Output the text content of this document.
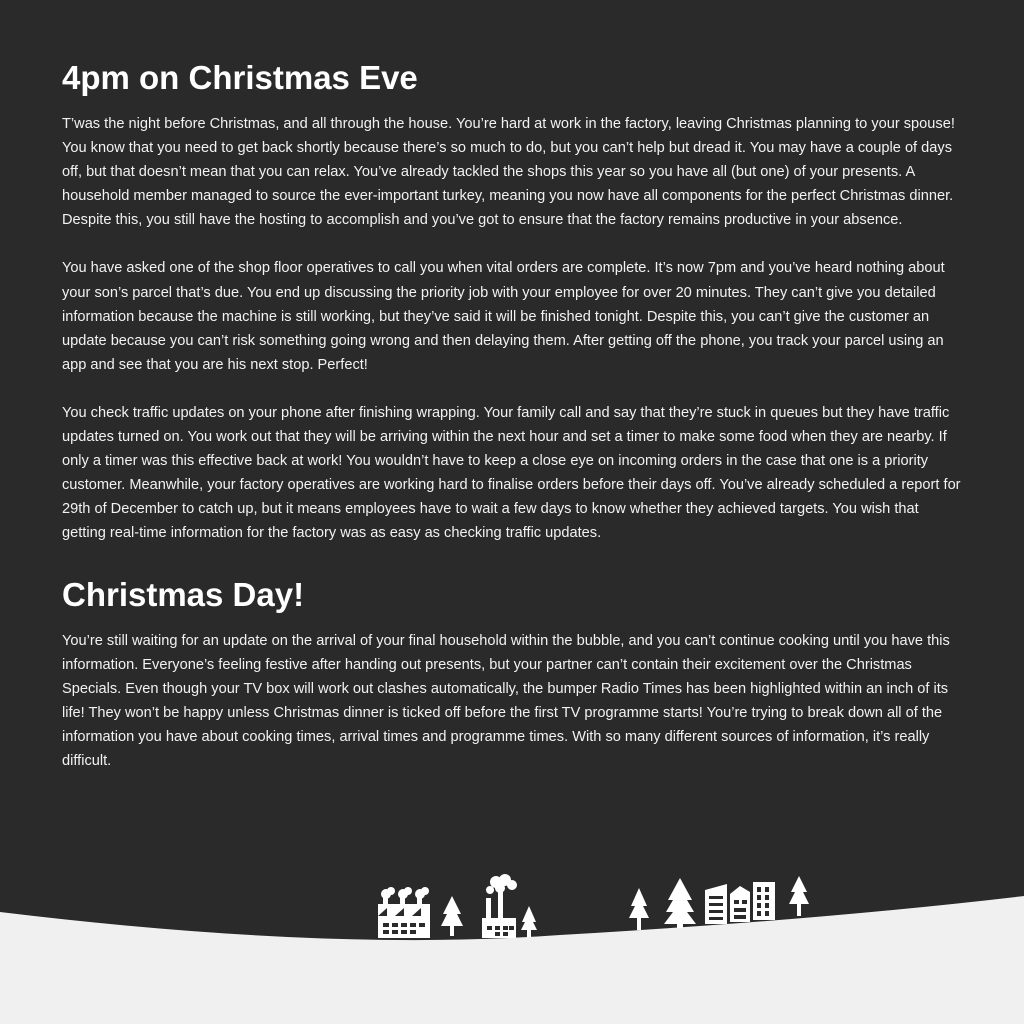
4pm on Christmas Eve

T’was the night before Christmas, and all through the house. You’re hard at work in the factory, leaving Christmas planning to your spouse! You know that you need to get back shortly because there’s so much to do, but you can’t help but dread it. You may have a couple of days off, but that doesn’t mean that you can relax. You’ve already tackled the shops this year so you have all (but one) of your presents. A household member managed to source the ever-important turkey, meaning you now have all components for the perfect Christmas dinner. Despite this, you still have the hosting to accomplish and you’ve got to ensure that the factory remains productive in your absence.

You have asked one of the shop floor operatives to call you when vital orders are complete. It’s now 7pm and you’ve heard nothing about your son’s parcel that’s due. You end up discussing the priority job with your employee for over 20 minutes. They can’t give you detailed information because the machine is still working, but they’ve said it will be finished tonight. Despite this, you can’t give the customer an update because you can’t risk something going wrong and then delaying them. After getting off the phone, you track your parcel using an app and see that you are his next stop. Perfect!

You check traffic updates on your phone after finishing wrapping. Your family call and say that they’re stuck in queues but they have traffic updates turned on. You work out that they will be arriving within the next hour and set a timer to make some food when they are nearby. If only a timer was this effective back at work! You wouldn’t have to keep a close eye on incoming orders in the case that one is a priority customer. Meanwhile, your factory operatives are working hard to finalise orders before their days off. You’ve already scheduled a report for 29th of December to catch up, but it means employees have to wait a few days to know whether they achieved targets. You wish that getting real-time information for the factory was as easy as checking traffic updates.

Christmas Day!

You’re still waiting for an update on the arrival of your final household within the bubble, and you can’t continue cooking until you have this information. Everyone’s feeling festive after handing out presents, but your partner can’t contain their excitement over the Christmas Specials. Even though your TV box will work out clashes automatically, the bumper Radio Times has been highlighted within an inch of its life! They won’t be happy unless Christmas dinner is ticked off before the first TV programme starts! You’re trying to break down all of the information you have about cooking times, arrival times and programme times. With so many different sources of information, it’s really difficult.
